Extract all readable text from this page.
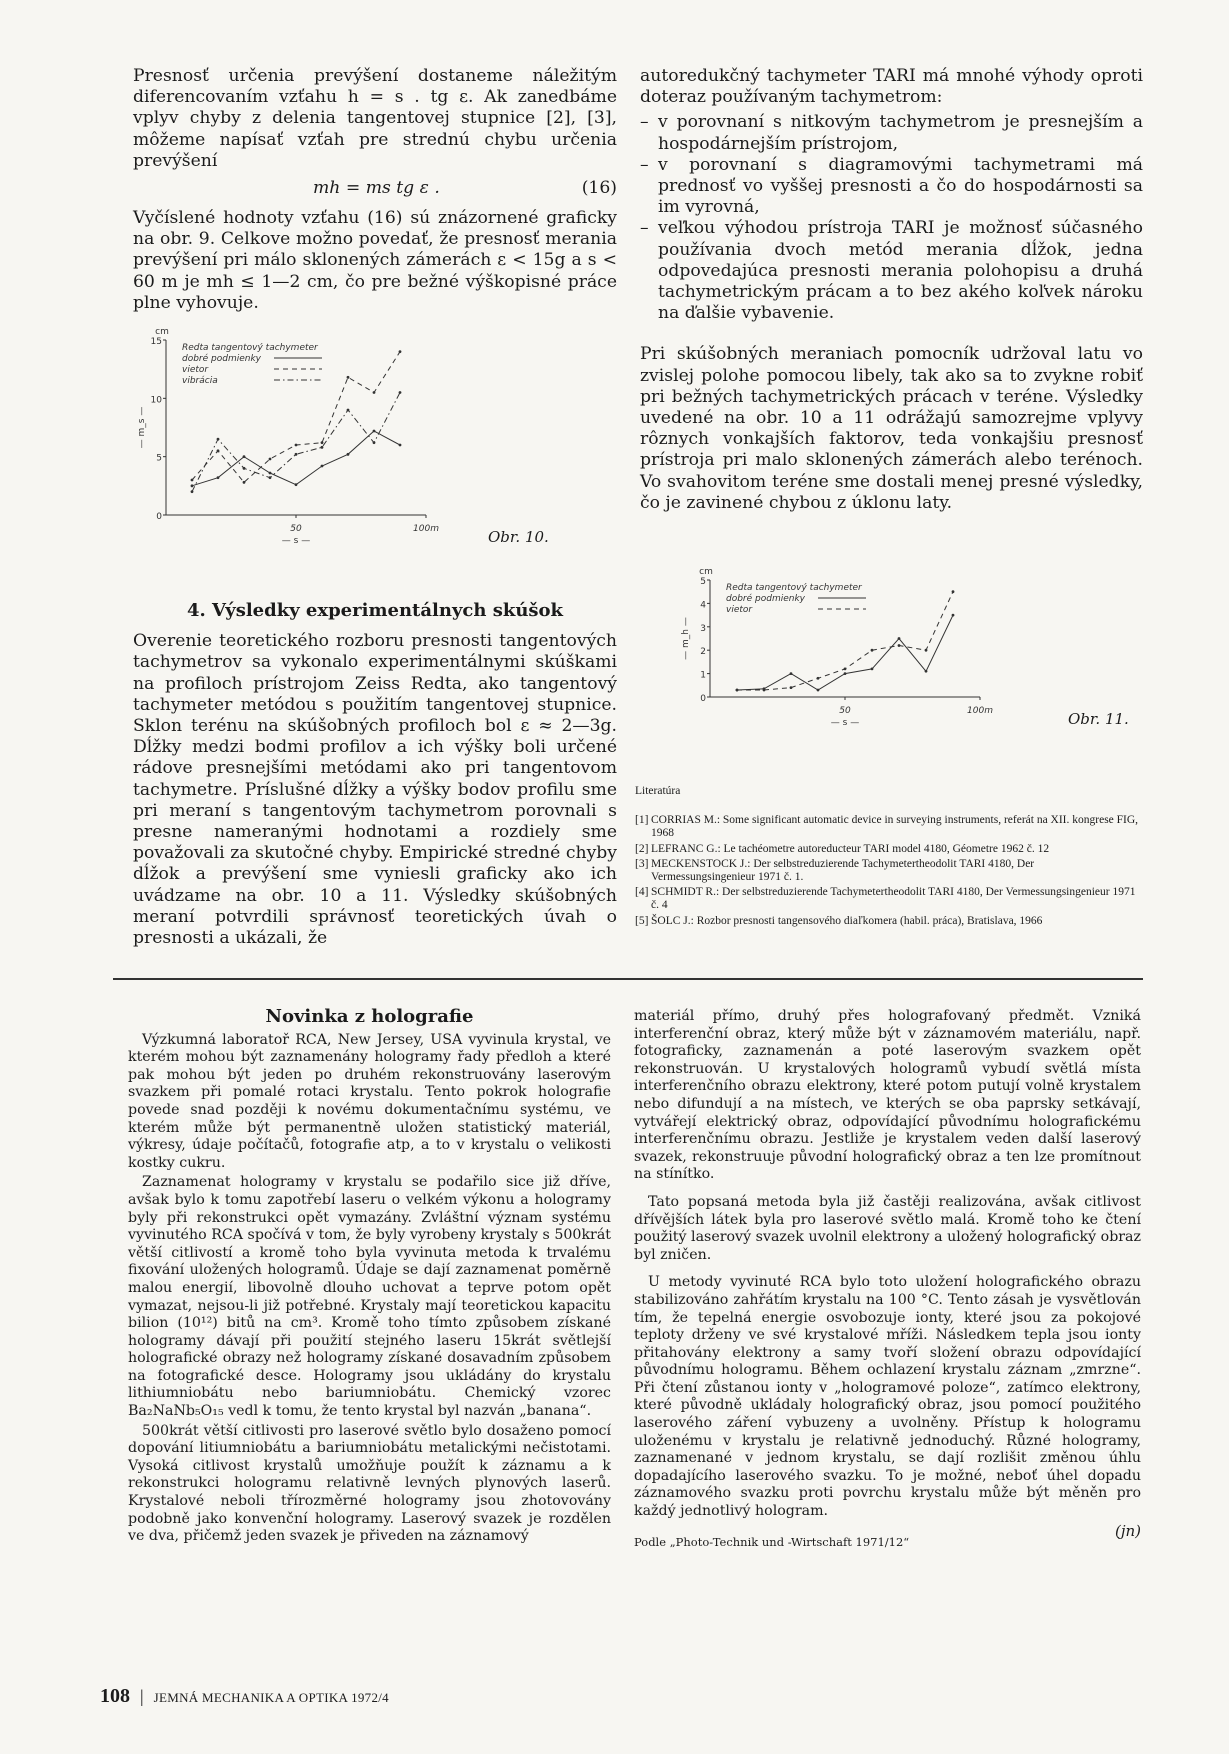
Presnosť určenia prevýšení dostaneme náležitým diferencovaním vzťahu h = s . tg ε. Ak zanedbáme vplyv chyby z delenia tangentovej stupnice [2], [3], môžeme napísať vzťah pre strednú chybu určenia prevýšení

mh = ms tg ε .	(16)

Vyčíslené hodnoty vzťahu (16) sú znázornené graficky na obr. 9. Celkove možno povedať, že presnosť merania prevýšení pri málo sklonených zámerách ε < 15g a s < 60 m je mh ≤ 1—2 cm, čo pre bežné výškopisné práce plne vyhovuje.

0
5
10
15
50	100m
cm
— s —
— m_s —
Redta tangentový tachymeter
dobré podmienky
vietor
vibrácia
Obr. 10.
4. Výsledky experimentálnych skúšok

Overenie teoretického rozboru presnosti tangentových tachymetrov sa vykonalo experimentálnymi skúškami na profiloch prístrojom Zeiss Redta, ako tangentový tachymeter metódou s použitím tangentovej stupnice. Sklon terénu na skúšobných profiloch bol ε ≈ 2—3g. Dĺžky medzi bodmi profilov a ich výšky boli určené rádove presnejšími metódami ako pri tangentovom tachymetre. Príslušné dĺžky a výšky bodov profilu sme pri meraní s tangentovým tachymetrom porovnali s presne nameranými hodnotami a rozdiely sme považovali za skutočné chyby. Empirické stredné chyby dĺžok a prevýšení sme vyniesli graficky ako ich uvádzame na obr. 10 a 11. Výsledky skúšobných meraní potvrdili správnosť teoretických úvah o presnosti a ukázali, že

autoredukčný tachymeter TARI má mnohé výhody oproti doteraz používaným tachymetrom:

– v porovnaní s nitkovým tachymetrom je presnejším a hospodárnejším prístrojom,
– v porovnaní s diagramovými tachymetrami má prednosť vo vyššej presnosti a čo do hospodárnosti sa im vyrovná,
– veľkou výhodou prístroja TARI je možnosť súčasného používania dvoch metód merania dĺžok, jedna odpovedajúca presnosti merania polohopisu a druhá tachymetrickým prácam a to bez akého koľvek nároku na ďalšie vybavenie.

Pri skúšobných meraniach pomocník udržoval latu vo zvislej polohe pomocou libely, tak ako sa to zvykne robiť pri bežných tachymetrických prácach v teréne. Výsledky uvedené na obr. 10 a 11 odrážajú samozrejme vplyvy rôznych vonkajších faktorov, teda vonkajšiu presnosť prístroja pri malo sklonených zámerách alebo terénoch. Vo svahovitom teréne sme dostali menej presné výsledky, čo je zavinené chybou z úklonu laty.

0
1
2
3
4
5
50	100m
cm
— s —
— m_h —
Redta tangentový tachymeter
dobré podmienky
vietor
Obr. 11.
Literatúra
[1] CORRIAS M.: Some significant automatic device in surveying instruments, referát na XII. kongrese FIG, 1968
[2] LEFRANC G.: Le tachéometre autoreducteur TARI model 4180, Géometre 1962 č. 12
[3] MECKENSTOCK J.: Der selbstreduzierende Tachymetertheodolit TARI 4180, Der Vermessungsingenieur 1971 č. 1.
[4] SCHMIDT R.: Der selbstreduzierende Tachymetertheodolit TARI 4180, Der Vermessungsingenieur 1971 č. 4
[5] ŠOLC J.: Rozbor presnosti tangensového diaľkomera (habil. práca), Bratislava, 1966
Novinka z holografie

Výzkumná laboratoř RCA, New Jersey, USA vyvinula krystal, ve kterém mohou být zaznamenány hologramy řady předloh a které pak mohou být jeden po druhém rekonstruovány laserovým svazkem při pomalé rotaci krystalu. Tento pokrok holografie povede snad později k novému dokumentačnímu systému, ve kterém může být permanentně uložen statistický materiál, výkresy, údaje počítačů, fotografie atp, a to v krystalu o velikosti kostky cukru.

Zaznamenat hologramy v krystalu se podařilo sice již dříve, avšak bylo k tomu zapotřebí laseru o velkém výkonu a hologramy byly při rekonstrukci opět vymazány. Zvláštní význam systému vyvinutého RCA spočívá v tom, že byly vyrobeny krystaly s 500krát větší citlivostí a kromě toho byla vyvinuta metoda k trvalému fixování uložených hologramů. Údaje se dají zaznamenat poměrně malou energií, libovolně dlouho uchovat a teprve potom opět vymazat, nejsou-li již potřebné. Krystaly mají teoretickou kapacitu bilion (10¹²) bitů na cm³. Kromě toho tímto způsobem získané hologramy dávají při použití stejného laseru 15krát světlejší holografické obrazy než hologramy získané dosavadním způsobem na fotografické desce. Hologramy jsou ukládány do krystalu lithiumniobátu nebo bariumniobátu. Chemický vzorec Ba₂NaNb₅O₁₅ vedl k tomu, že tento krystal byl nazván „banana“.

500krát větší citlivosti pro laserové světlo bylo dosaženo pomocí dopování litiumniobátu a bariumniobátu metalickými nečistotami. Vysoká citlivost krystalů umožňuje použít k záznamu a k rekonstrukci hologramu relativně levných plynových laserů. Krystalové neboli třírozměrné hologramy jsou zhotovovány podobně jako konvenční hologramy. Laserový svazek je rozdělen ve dva, přičemž jeden svazek je přiveden na záznamový

materiál přímo, druhý přes holografovaný předmět. Vzniká interferenční obraz, který může být v záznamovém materiálu, např. fotograficky, zaznamenán a poté laserovým svazkem opět rekonstruován. U krystalových hologramů vybudí světlá místa interferenčního obrazu elektrony, které potom putují volně krystalem nebo difundují a na místech, ve kterých se oba paprsky setkávají, vytvářejí elektrický obraz, odpovídající původnímu holografickému interferenčnímu obrazu. Jestliže je krystalem veden další laserový svazek, rekonstruuje původní holografický obraz a ten lze promítnout na stínítko.

Tato popsaná metoda byla již častěji realizována, avšak citlivost dřívějších látek byla pro laserové světlo malá. Kromě toho ke čtení použitý laserový svazek uvolnil elektrony a uložený holografický obraz byl zničen.

U metody vyvinuté RCA bylo toto uložení holografického obrazu stabilizováno zahřátím krystalu na 100 °C. Tento zásah je vysvětlován tím, že tepelná energie osvobozuje ionty, které jsou za pokojové teploty drženy ve své krystalové mříži. Následkem tepla jsou ionty přitahovány elektrony a samy tvoří složení obrazu odpovídající původnímu hologramu. Během ochlazení krystalu záznam „zmrzne“. Při čtení zůstanou ionty v „hologramové poloze“, zatímco elektrony, které původně ukládaly holografický obraz, jsou pomocí použitého laserového záření vybuzeny a uvolněny. Přístup k hologramu uloženému v krystalu je relativně jednoduchý. Různé hologramy, zaznamenané v jednom krystalu, se dají rozlišit změnou úhlu dopadajícího laserového svazku. To je možné, neboť úhel dopadu záznamového svazku proti povrchu krystalu může být měněn pro každý jednotlivý hologram.

(jn)
Podle „Photo-Technik und -Wirtschaft 1971/12“
108 | JEMNÁ MECHANIKA A OPTIKA 1972/4
